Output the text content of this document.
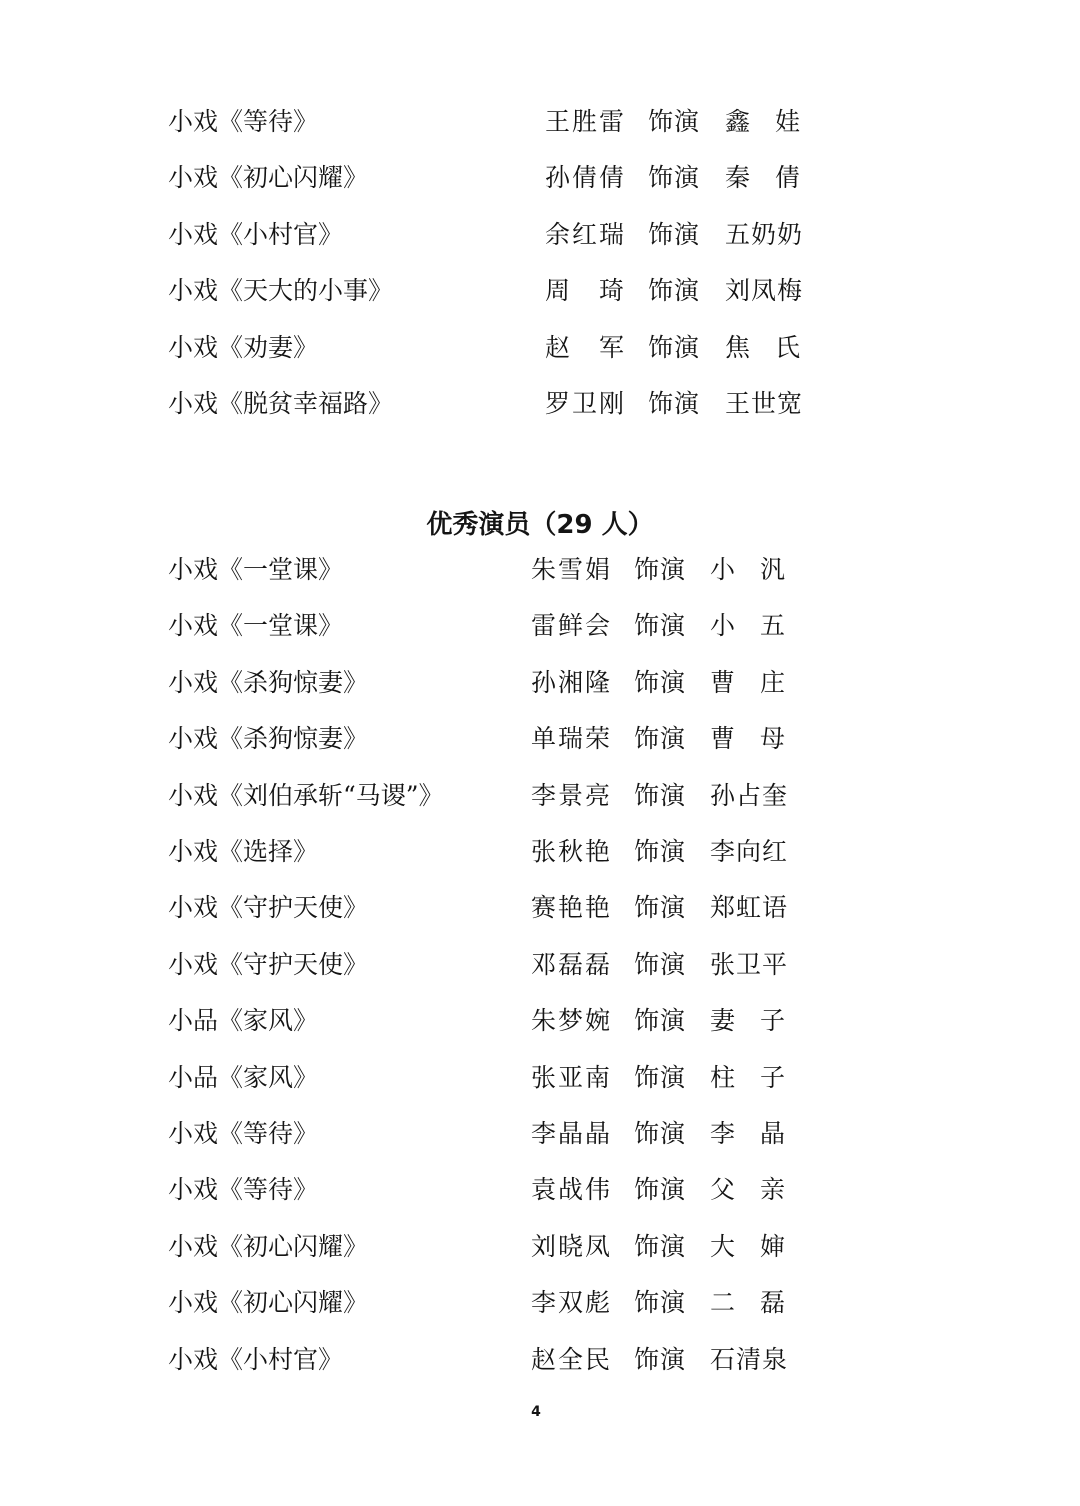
小戏《等待》	王胜雷 饰演 鑫娃
小戏《初心闪耀》	孙倩倩 饰演 秦倩
小戏《小村官》	余红瑞 饰演 五奶奶
小戏《天大的小事》	周琦 饰演 刘凤梅
小戏《劝妻》	赵军 饰演 焦氏
小戏《脱贫幸福路》	罗卫刚 饰演 王世宽
优秀演员（29 人）
小戏《一堂课》	朱雪娟 饰演 小汎
小戏《一堂课》	雷鲜会 饰演 小五
小戏《杀狗惊妻》	孙湘隆 饰演 曹庄
小戏《杀狗惊妻》	单瑞荣 饰演 曹母
小戏《刘伯承斩“马谡”》	李景亮 饰演 孙占奎
小戏《选择》	张秋艳 饰演 李向红
小戏《守护天使》	赛艳艳 饰演 郑虹语
小戏《守护天使》	邓磊磊 饰演 张卫平
小品《家风》	朱梦婉 饰演 妻子
小品《家风》	张亚南 饰演 柱子
小戏《等待》	李晶晶 饰演 李晶
小戏《等待》	袁战伟 饰演 父亲
小戏《初心闪耀》	刘晓凤 饰演 大婶
小戏《初心闪耀》	李双彪 饰演 二磊
小戏《小村官》	赵全民 饰演 石清泉
4
